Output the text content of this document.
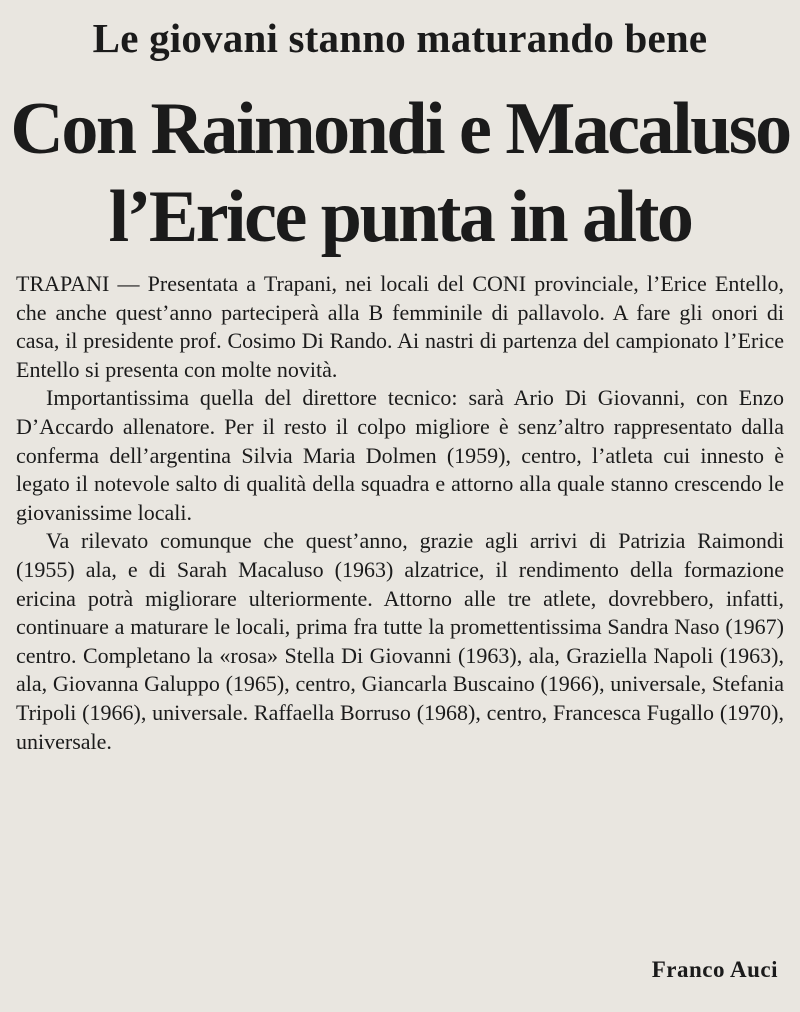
Le giovani stanno maturando bene
Con Raimondi e Macaluso
l’Erice punta in alto

TRAPANI — Presentata a Trapani, nei locali del CONI provinciale, l’Erice Entello, che anche quest’anno parteciperà alla B femminile di pallavolo. A fare gli onori di casa, il presidente prof. Cosimo Di Rando. Ai nastri di partenza del campionato l’Erice Entello si presenta con molte novità.

Importantissima quella del direttore tecnico: sarà Ario Di Giovanni, con Enzo D’Accardo allenatore. Per il resto il colpo migliore è senz’altro rappresentato dalla conferma dell’argentina Silvia Maria Dolmen (1959), centro, l’atleta cui innesto è legato il notevole salto di qualità della squadra e attorno alla quale stanno crescendo le giovanissime locali.

Va rilevato comunque che quest’anno, grazie agli arrivi di Patrizia Raimondi (1955) ala, e di Sarah Macaluso (1963) alzatrice, il rendimento della formazione ericina potrà migliorare ulteriormente. Attorno alle tre atlete, dovrebbero, infatti, continuare a maturare le locali, prima fra tutte la promettentissima Sandra Naso (1967) centro. Completano la «rosa» Stella Di Giovanni (1963), ala, Graziella Napoli (1963), ala, Giovanna Galuppo (1965), centro, Giancarla Buscaino (1966), universale, Stefania Tripoli (1966), universale. Raffaella Borruso (1968), centro, Francesca Fugallo (1970), universale.

Franco Auci
